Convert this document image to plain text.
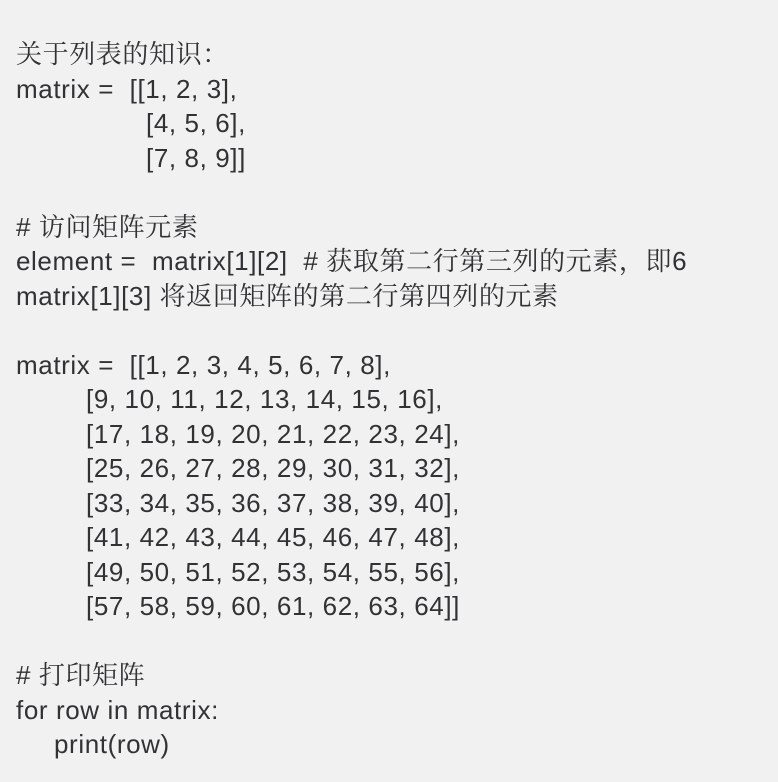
关于列表的知识：
matrix =  [[1, 2, 3],
[4, 5, 6],
[7, 8, 9]]
# 访问矩阵元素
element =  matrix[1][2]  # 获取第二行第三列的元素，即6
matrix[1][3] 将返回矩阵的第二行第四列的元素
matrix =  [[1, 2, 3, 4, 5, 6, 7, 8],
[9, 10, 11, 12, 13, 14, 15, 16],
[17, 18, 19, 20, 21, 22, 23, 24],
[25, 26, 27, 28, 29, 30, 31, 32],
[33, 34, 35, 36, 37, 38, 39, 40],
[41, 42, 43, 44, 45, 46, 47, 48],
[49, 50, 51, 52, 53, 54, 55, 56],
[57, 58, 59, 60, 61, 62, 63, 64]]
# 打印矩阵
for row in matrix:
print(row)
